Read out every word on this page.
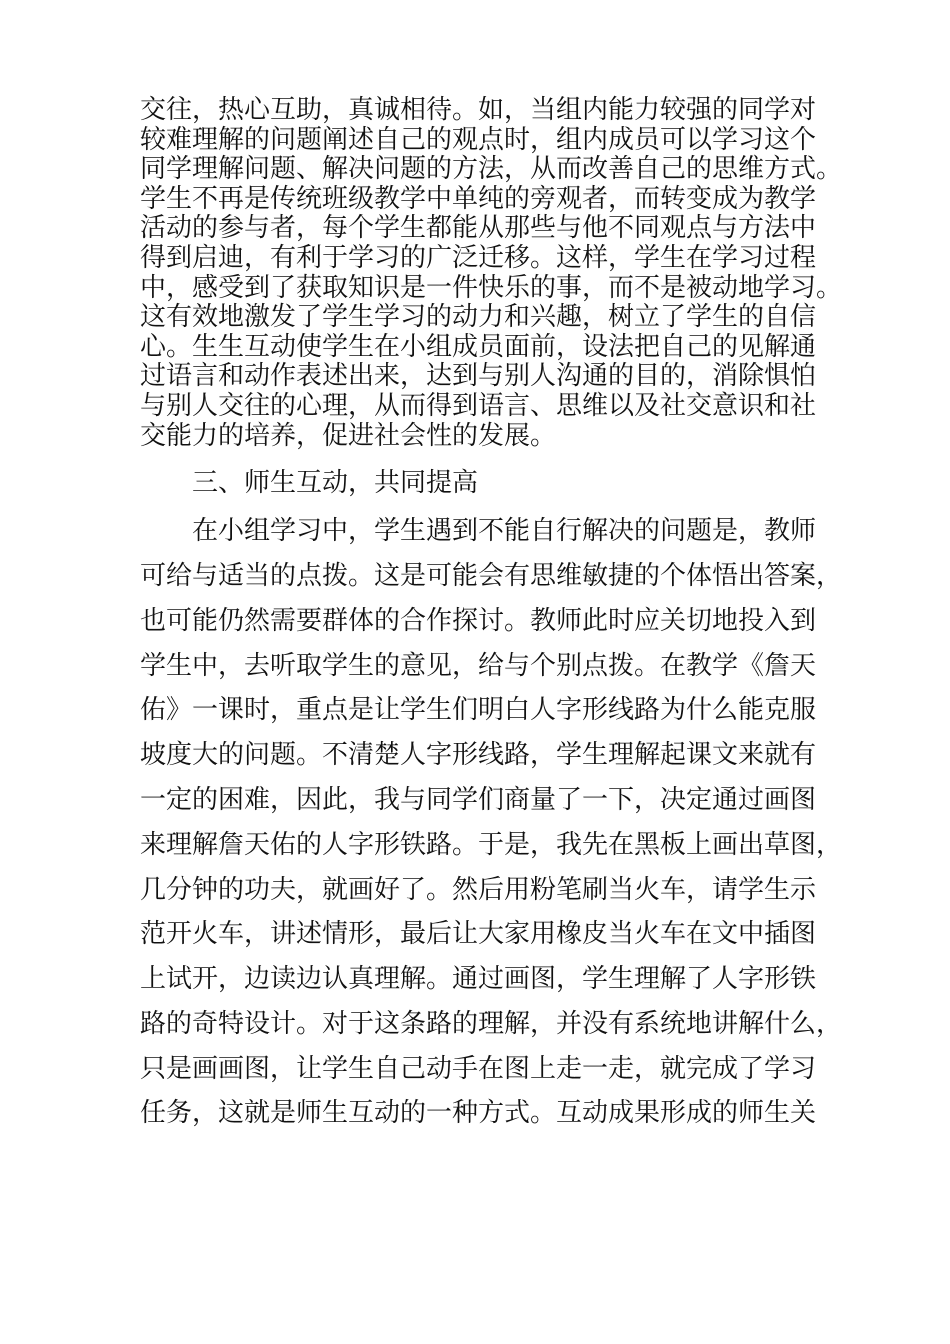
交往，热心互助，真诚相待。如，当组内能力较强的同学对
较难理解的问题阐述自己的观点时，组内成员可以学习这个
同学理解问题、解决问题的方法，从而改善自己的思维方式。
学生不再是传统班级教学中单纯的旁观者，而转变成为教学
活动的参与者，每个学生都能从那些与他不同观点与方法中
得到启迪，有利于学习的广泛迁移。这样，学生在学习过程
中，感受到了获取知识是一件快乐的事，而不是被动地学习。
这有效地激发了学生学习的动力和兴趣，树立了学生的自信
心。生生互动使学生在小组成员面前，设法把自己的见解通
过语言和动作表述出来，达到与别人沟通的目的，消除惧怕
与别人交往的心理，从而得到语言、思维以及社交意识和社
交能力的培养，促进社会性的发展。
三、师生互动，共同提高
在小组学习中，学生遇到不能自行解决的问题是，教师
可给与适当的点拨。这是可能会有思维敏捷的个体悟出答案，
也可能仍然需要群体的合作探讨。教师此时应关切地投入到
学生中，去听取学生的意见，给与个别点拨。在教学《詹天
佑》一课时，重点是让学生们明白人字形线路为什么能克服
坡度大的问题。不清楚人字形线路，学生理解起课文来就有
一定的困难，因此，我与同学们商量了一下，决定通过画图
来理解詹天佑的人字形铁路。于是，我先在黑板上画出草图，
几分钟的功夫，就画好了。然后用粉笔刷当火车，请学生示
范开火车，讲述情形，最后让大家用橡皮当火车在文中插图
上试开，边读边认真理解。通过画图，学生理解了人字形铁
路的奇特设计。对于这条路的理解，并没有系统地讲解什么，
只是画画图，让学生自己动手在图上走一走，就完成了学习
任务，这就是师生互动的一种方式。互动成果形成的师生关
